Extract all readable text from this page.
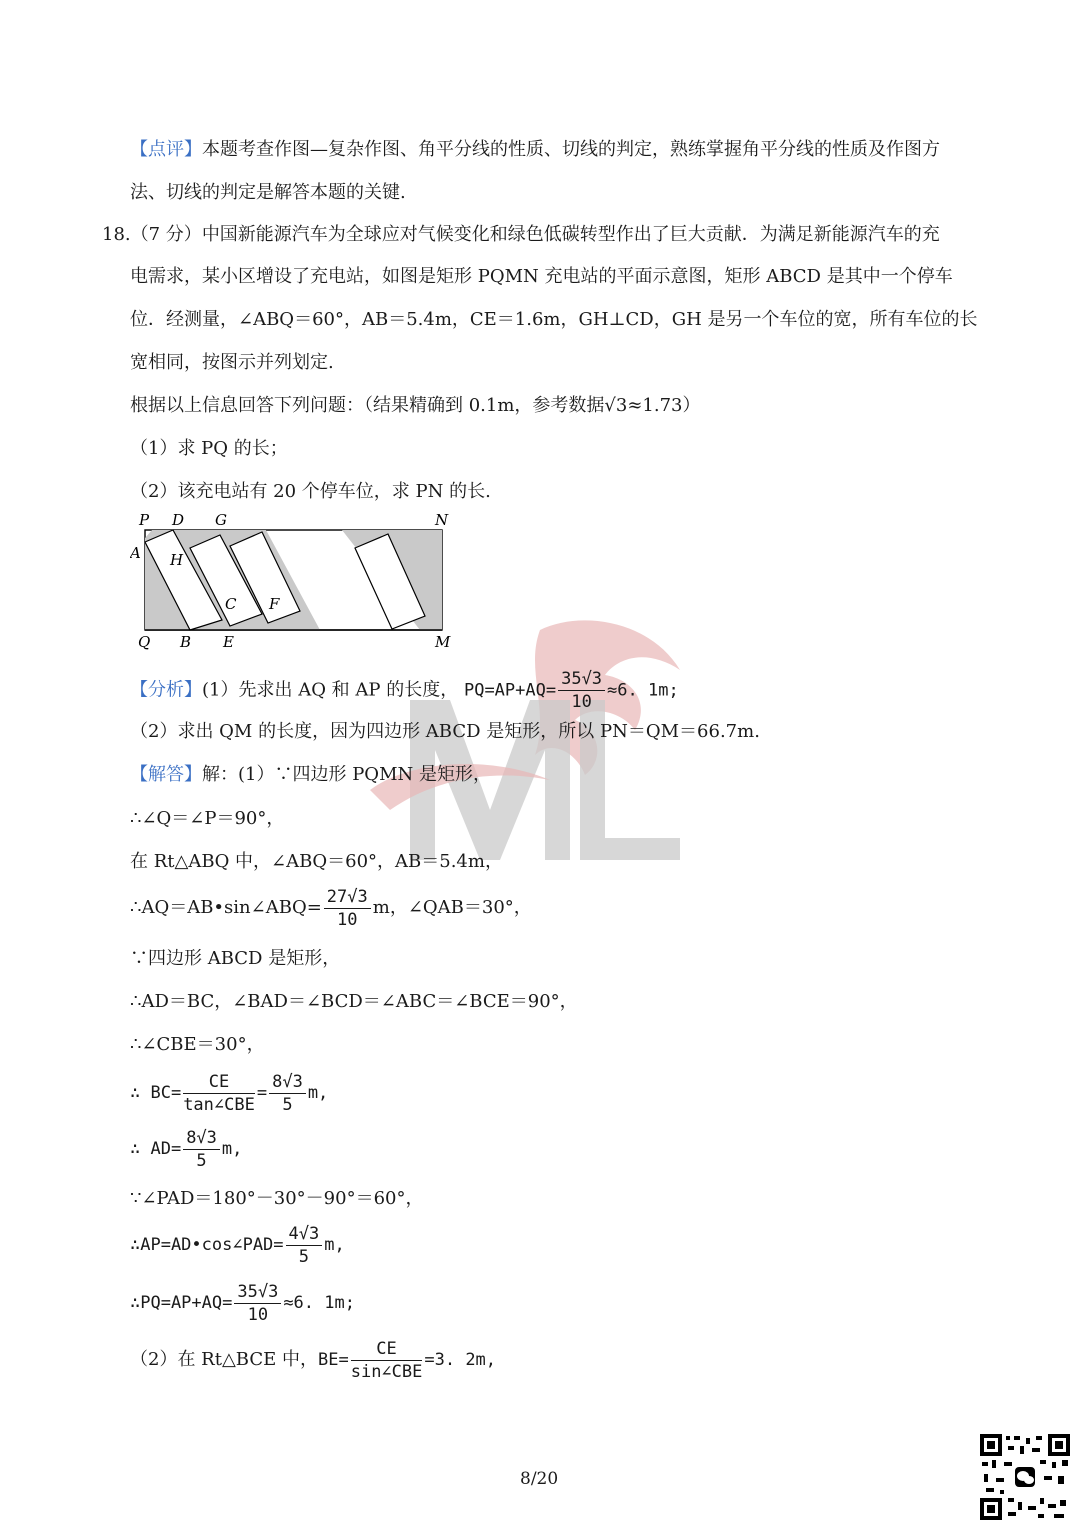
【点评】本题考查作图—复杂作图、角平分线的性质、切线的判定，熟练掌握角平分线的性质及作图方
法、切线的判定是解答本题的关键.
18.（7 分）中国新能源汽车为全球应对气候变化和绿色低碳转型作出了巨大贡献．为满足新能源汽车的充
电需求，某小区增设了充电站，如图是矩形 PQMN 充电站的平面示意图，矩形 ABCD 是其中一个停车
位．经测量，∠ABQ＝60°，AB＝5.4m，CE＝1.6m，GH⊥CD，GH 是另一个车位的宽，所有车位的长
宽相同，按图示并列划定.
根据以上信息回答下列问题：（结果精确到 0.1m，参考数据√3≈1.73）
（1）求 PQ 的长；
（2）该充电站有 20 个停车位，求 PN 的长.
P D G	N
A H
C F
Q B E	M
【分析】(1）先求出 AQ 和 AP 的长度， $PQ=AP+AQ= \frac{35√3}{10} \approx 6$. 1m;
（2）求出 QM 的长度，因为四边形 ABCD 是矩形，所以 PN＝QM＝66.7m.
【解答】解：(1）∵四边形 PQMN 是矩形，
∴∠Q＝∠P＝90°，
在 Rt△ABQ 中，∠ABQ＝60°，AB＝5.4m，
∴AQ＝AB•sin∠ABQ= $\frac{27√3}{10}$ m，∠QAB＝30°，
∵四边形 ABCD 是矩形，
∴AD＝BC，∠BAD＝∠BCD＝∠ABC＝∠BCE＝90°，
∴∠CBE＝30°，
∴ $BC= \frac{CE}{\text{tan∠CBE}} = \frac{8√3}{5} m$,
∴ $AD= \frac{8√3}{5} m$,
∵∠PAD＝180°－30°－90°＝60°，
∴AP=AD•cos∠PAD= $\frac{4√3}{5} m$,
∴PQ=AP+AQ= $\frac{35√3}{10} \approx 6$. 1m;
（2）在 Rt△BCE 中，$BE= \frac{CE}{\text{sin∠CBE}} =3$. 2m,
8/20
